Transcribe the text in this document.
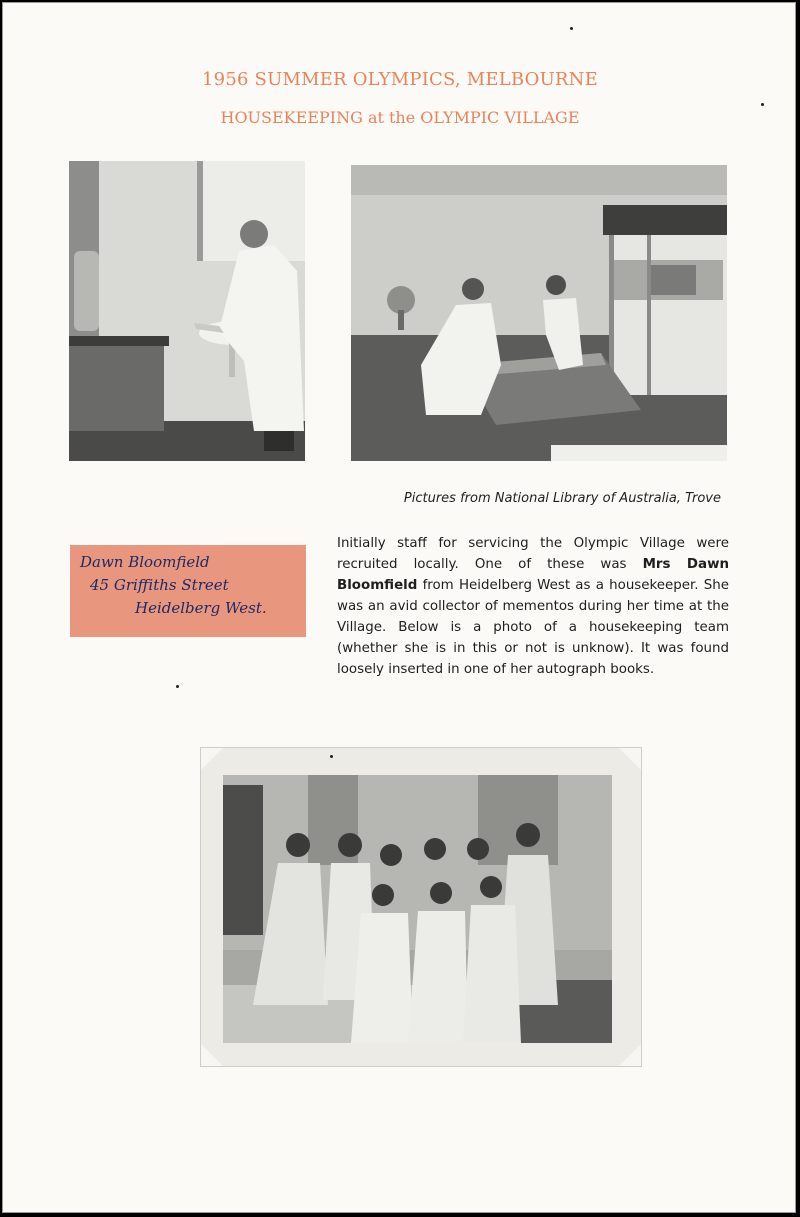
1956 SUMMER OLYMPICS, MELBOURNE
HOUSEKEEPING at the OLYMPIC VILLAGE
Pictures from National Library of Australia, Trove
Dawn Bloomfield
45 Griffiths Street
Heidelberg West.
Initially staff for servicing the Olympic Village were recruited locally. One of these was Mrs Dawn Bloomfield from Heidelberg West as a housekeeper. She was an avid collector of mementos during her time at the Village. Below is a photo of a housekeeping team (whether she is in this or not is unknow). It was found loosely inserted in one of her autograph books.
